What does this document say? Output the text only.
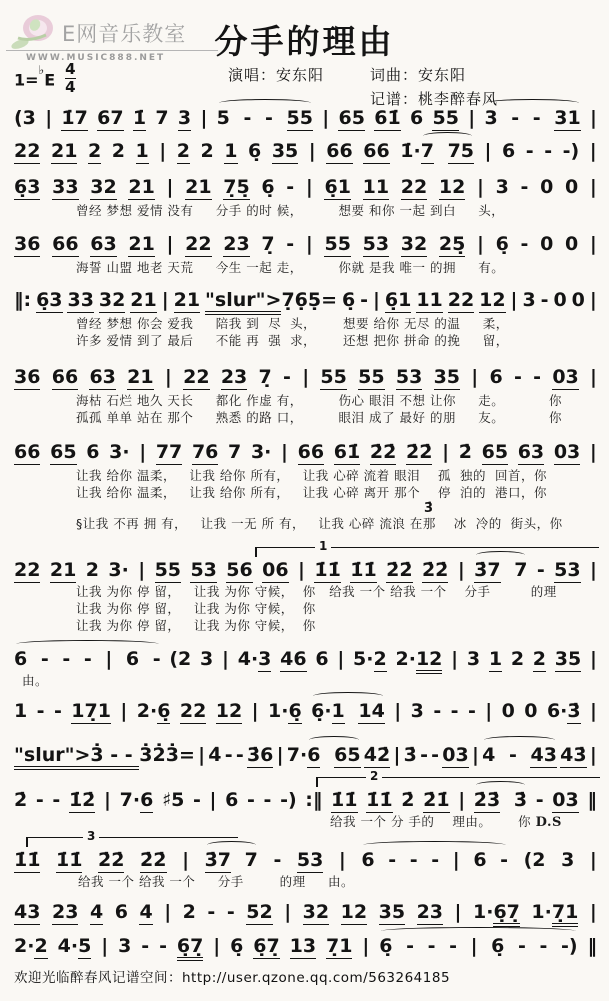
E网音乐教室
WWW.MUSIC888.NET
$1=^♭E \frac{4}{4}$
分手的理由
演唱：安东阳	词曲：安东阳
记谱：桃李醉春风
(3 | 1̇7 67 1̇ 7 3 | 5 - - 55 | 65 61̇ 6 55 | 3 - - 31 |
22 21 2 2 1 | 2 2 1 6̣ 35 | 66 66 1̇·7 75 | 6 - - -) |
6̣3 33 32 21 | 21 7̣5̣ 6̣ - | 6̣1 11 22 12 | 3 - 0 0 |
曾经 梦想 爱情 没有     分手 的时 候，        想要 和你 一起 到白     头，
36 66 63 21 | 22 23 7̣ - | 55 53 32 25̣ | 6̣ - 0 0 |
海誓 山盟 地老 天荒     今生 一起 走，        你就 是我 唯一 的拥     有。
‖: 6̣3 33 32 21 | 21 "slur">7̣6̣5̣= 6̣ - | 6̣1 11 22 12 | 3 - 0 0 |
曾经 梦想 你会 爱我     陪我 到  尽  头，      想要 给你 无尽 的温     柔，
许多 爱情 到了 最后     不能 再  强  求，      还想 把你 拼命 的挽     留，
36 66 63 21 | 22 23 7̣ - | 55 55 53 35 | 6 - - 03 |
海枯 石烂 地久 天长     都化 作虚 有，        伤心 眼泪 不想 让你     走。          你
孤孤 单单 站在 那个     熟悉 的路 口，        眼泪 成了 最好 的朋     友。          你
66 65 6 3· | 77 76 7 3· | 66 61̇ 2̇2̇ 2̇2̇ | 2̇ 65 63 03 |
让我 给你 温柔，   让我 给你 所有，   让我 心碎 流着 眼泪    孤  独的  回首，你
让我 给你 温柔，   让我 给你 所有，   让我 心碎 离开 那个    停  泊的  港口，你
§让我 不再 拥 有，   让我 一无 所 有，   让我 心碎 流浪 在那    冰  冷的  街头，你
3̇
1
22 21 2 3· | 55 53 56 06 | 1̇1̇ 1̇1̇ 2̇2̇ 2̇2̇ | 3̇7 7 - 53 |
让我 为你 停 留，   让我 为你 守候，  你   给我 一个 给我 一个    分手         的理
让我 为你 停 留，   让我 为你 守候，  你
让我 为你 停 留，   让我 为你 守候，  你
6 - - - | 6 - (2 3 | 4·3 46 6 | 5·2 2·12 | 3 1 2 2 35 |
由。
1 - - 17̣1 | 2·6̣ 22 12 | 1·6̣ 6̣·1 14 | 3 - - - | 0 0 6·3̇ |
"slur">3̇ - - 3̇2̇3̇= | 4̇ - - 3̇6 | 7·6 65 4̇2̇ | 3̇ - - 03 | 4 - 43 43̇ |
2
2̇ - - 1̇2̇ | 7·6 ♯5 - | 6 - - -) :‖ 1̇1̇ 1̇1̇ 2̇ 2̇1̇ | 2̇3̇ 3̇ - 03 ‖
给我 一个 分 手的    理由。      你 D.S
3
1̇1̇ 1̇1̇ 2̇2̇ 2̇2̇ | 3̇7 7 - 53 | 6 - - - | 6 - (2 3 |
给我 一个 给我 一个     分手        的理     由。
43 23 4 6 4 | 2 - - 52 | 32 12 35 23 | 1·6̣7̣ 1·7̣1 |
2·2 4·5 | 3 - - 6̣7̣ | 6̣ 6̣7̣ 13 7̣1 | 6̣ - - - | 6̣ - - -) ‖
欢迎光临醉春风记谱空间：http://user.qzone.qq.com/563264185
